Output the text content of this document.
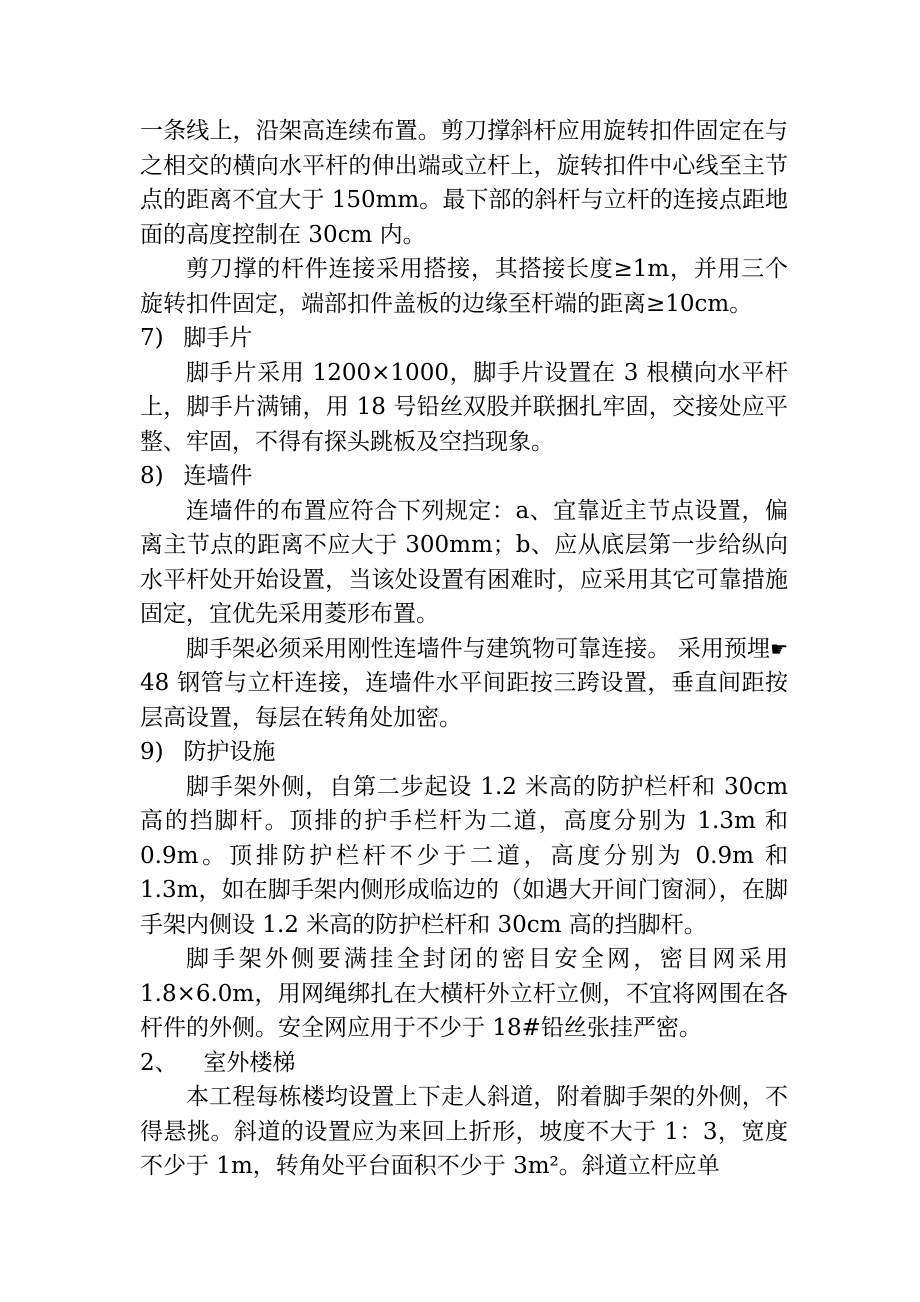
一条线上，沿架高连续布置。剪刀撑斜杆应用旋转扣件固定在与之相交的横向水平杆的伸出端或立杆上，旋转扣件中心线至主节点的距离不宜大于 150mm。最下部的斜杆与立杆的连接点距地面的高度控制在 30cm 内。

剪刀撑的杆件连接采用搭接，其搭接长度≥1m，并用三个旋转扣件固定，端部扣件盖板的边缘至杆端的距离≥10cm。

7) 脚手片

脚手片采用 1200×1000，脚手片设置在 3 根横向水平杆上，脚手片满铺，用 18 号铅丝双股并联捆扎牢固，交接处应平整、牢固，不得有探头跳板及空挡现象。

8) 连墙件

连墙件的布置应符合下列规定：a、宜靠近主节点设置，偏离主节点的距离不应大于 300mm；b、应从底层第一步给纵向水平杆处开始设置，当该处设置有困难时，应采用其它可靠措施固定，宜优先采用菱形布置。

脚手架必须采用刚性连墙件与建筑物可靠连接。 采用预埋☛48 钢管与立杆连接，连墙件水平间距按三跨设置，垂直间距按层高设置，每层在转角处加密。

9) 防护设施

脚手架外侧，自第二步起设 1.2 米高的防护栏杆和 30cm 高的挡脚杆。顶排的护手栏杆为二道，高度分别为 1.3m 和 0.9m。顶排防护栏杆不少于二道，高度分别为 0.9m 和 1.3m，如在脚手架内侧形成临边的（如遇大开间门窗洞），在脚手架内侧设 1.2 米高的防护栏杆和 30cm 高的挡脚杆。

脚手架外侧要满挂全封闭的密目安全网，密目网采用 1.8×6.0m，用网绳绑扎在大横杆外立杆立侧，不宜将网围在各杆件的外侧。安全网应用于不少于 18#铅丝张挂严密。

2、 室外楼梯

本工程每栋楼均设置上下走人斜道，附着脚手架的外侧，不得悬挑。斜道的设置应为来回上折形，坡度不大于 1：3，宽度不少于 1m，转角处平台面积不少于 3m²。斜道立杆应单
